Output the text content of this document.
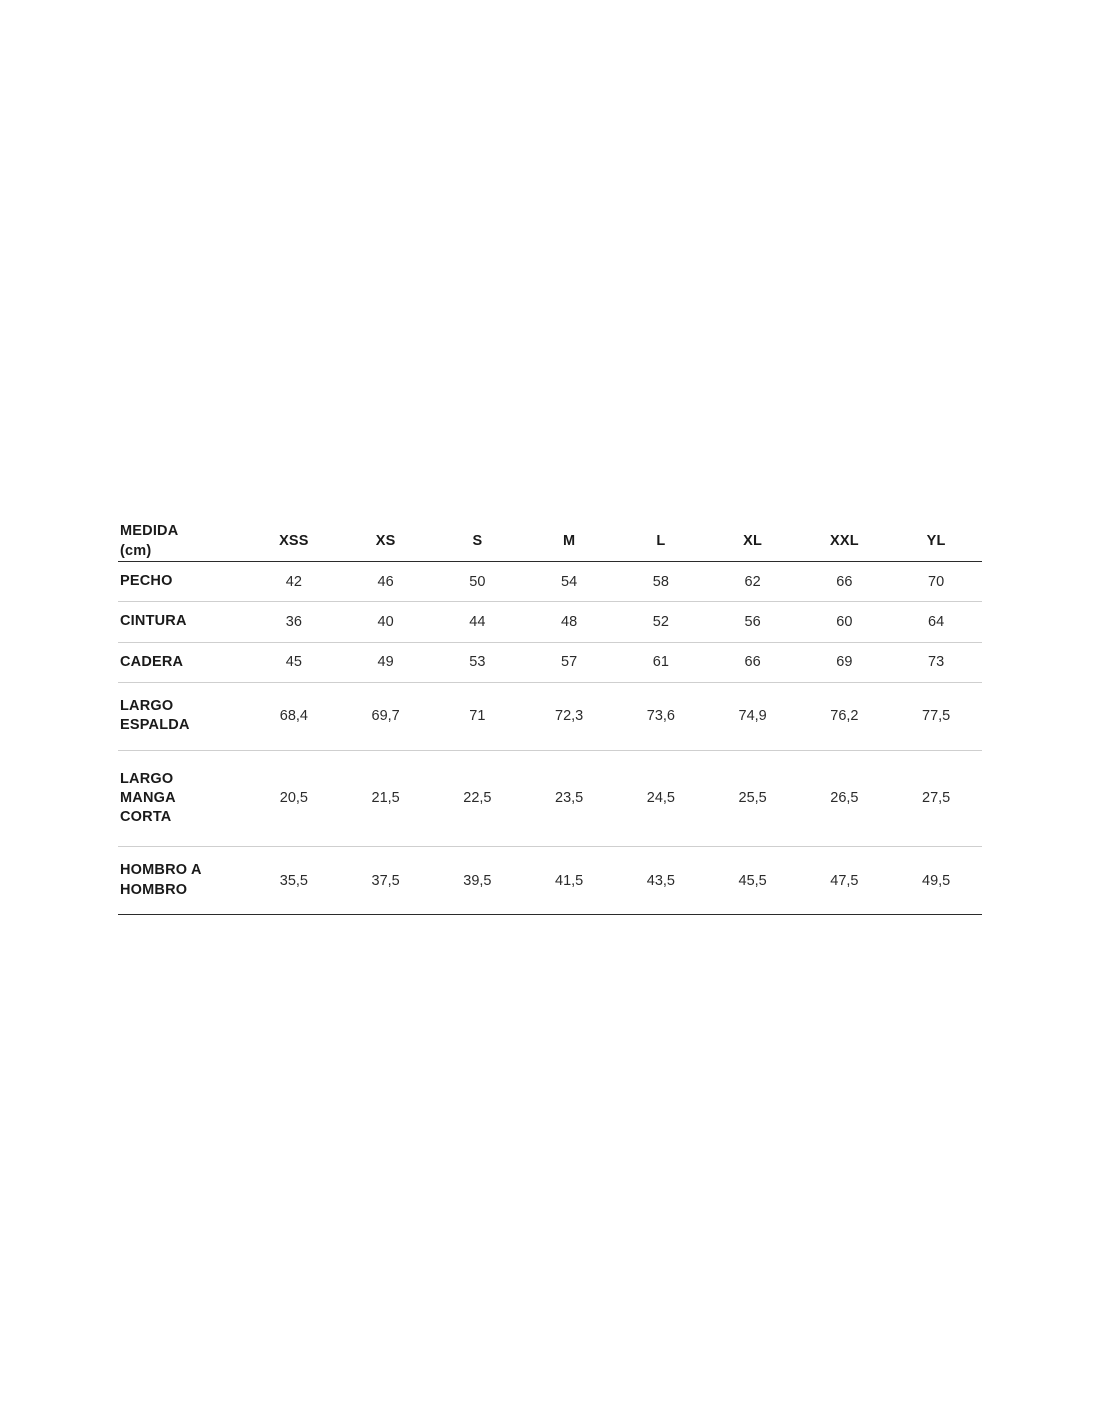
MEDIDA
(cm)	XSS	XS	S	M	L	XL	XXL	YL
PECHO	42	46	50	54	58	62	66	70
CINTURA	36	40	44	48	52	56	60	64
CADERA	45	49	53	57	61	66	69	73
LARGO
ESPALDA	68,4	69,7	71	72,3	73,6	74,9	76,2	77,5
LARGO
MANGA
CORTA	20,5	21,5	22,5	23,5	24,5	25,5	26,5	27,5
HOMBRO A
HOMBRO	35,5	37,5	39,5	41,5	43,5	45,5	47,5	49,5
